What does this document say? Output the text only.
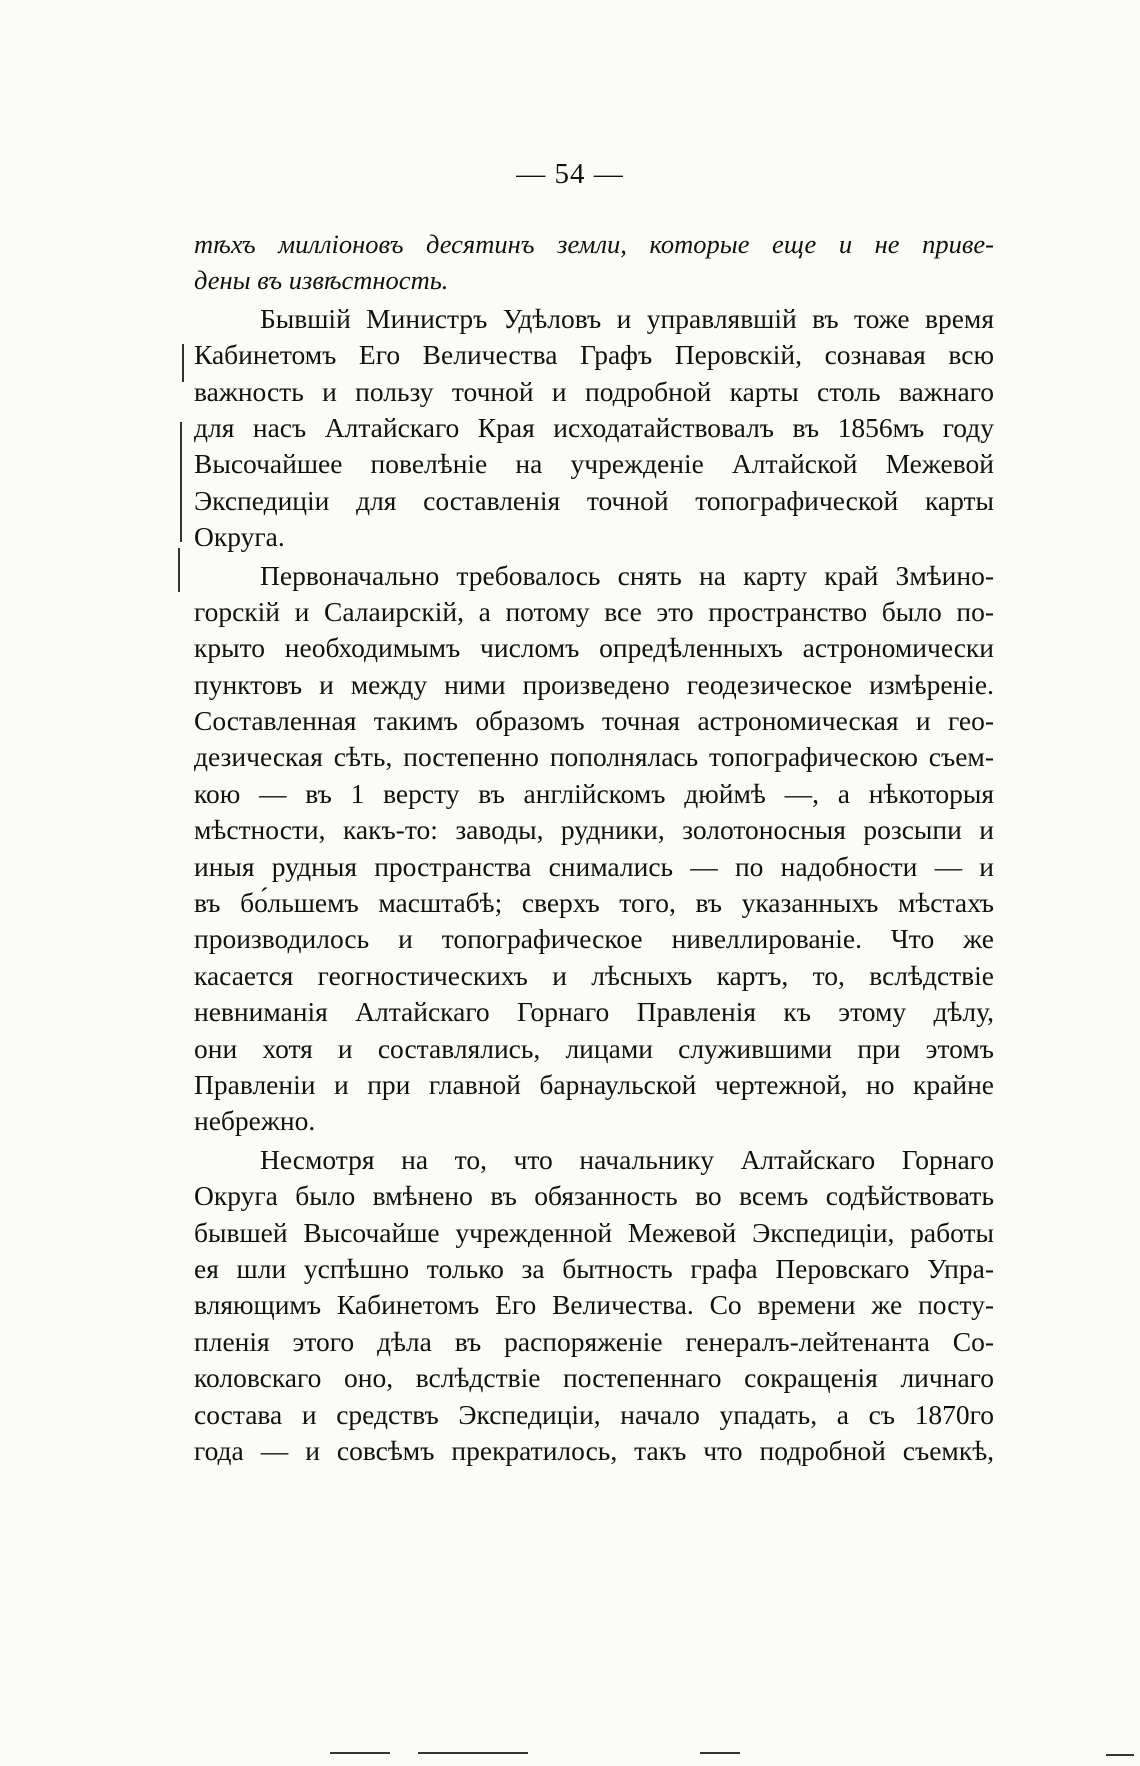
— 54 —
тѣхъ милліоновъ десятинъ земли, которые еще и не приве-
дены въ извѣстность.
Бывшій Министръ Удѣловъ и управлявшій въ тоже время
Кабинетомъ Его Величества Графъ Перовскій, сознавая всю
важность и пользу точной и подробной карты столь важнаго
для насъ Алтайскаго Края исходатайствовалъ въ 1856мъ году
Высочайшее повелѣніе на учрежденіе Алтайской Межевой
Экспедиціи для составленія точной топографической карты
Округа.
Первоначально требовалось снять на карту край Змѣино-
горскій и Салаирскій, а потому все это пространство было по-
крыто необходимымъ числомъ опредѣленныхъ астрономически
пунктовъ и между ними произведено геодезическое измѣреніе.
Составленная такимъ образомъ точная астрономическая и гео-
дезическая сѣть, постепенно пополнялась топографическою съем-
кою — въ 1 версту въ англійскомъ дюймѣ —, а нѣкоторыя
мѣстности, какъ-то: заводы, рудники, золотоносныя розсыпи и
иныя рудныя пространства снимались — по надобности — и
въ бо́льшемъ масштабѣ; сверхъ того, въ указанныхъ мѣстахъ
производилось и топографическое нивеллированіе. Что же
касается геогностическихъ и лѣсныхъ картъ, то, вслѣдствіе
невниманія Алтайскаго Горнаго Правленія къ этому дѣлу,
они хотя и составлялись, лицами служившими при этомъ
Правленіи и при главной барнаульской чертежной, но крайне
небрежно.
Несмотря на то, что начальнику Алтайскаго Горнаго
Округа было вмѣнено въ обязанность во всемъ содѣйствовать
бывшей Высочайше учрежденной Межевой Экспедиціи, работы
ея шли успѣшно только за бытность графа Перовскаго Упра-
вляющимъ Кабинетомъ Его Величества. Со времени же посту-
пленія этого дѣла въ распоряженіе генералъ-лейтенанта Со-
коловскаго оно, вслѣдствіе постепеннаго сокращенія личнаго
состава и средствъ Экспедиціи, начало упадать, а съ 1870го
года — и совсѣмъ прекратилось, такъ что подробной съемкѣ,
